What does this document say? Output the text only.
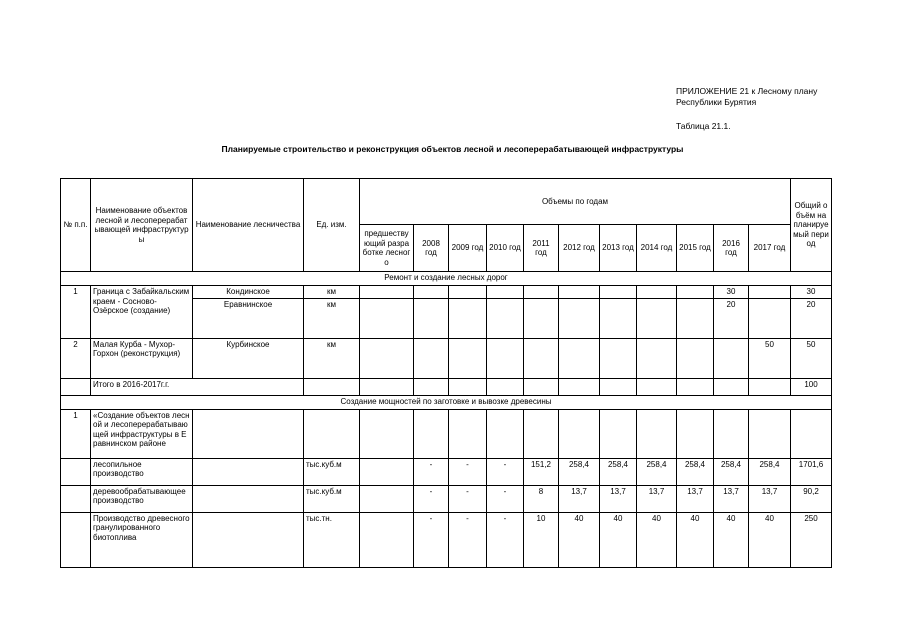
ПРИЛОЖЕНИЕ 21 к Лесному плану
Республики Бурятия
Таблица 21.1.
Планируемые строительство и реконструкция объектов лесной и лесоперерабатывающей инфраструктуры
№ п.п.	Наименование объектов лесной и лесоперерабатывающей инфраструктуры	Наименование лесничества	Ед. изм.	Объемы по годам											Общий объём на планируемый период
				предшествующий разработке лесного	2008 год	2009 год	2010 год	2011 год	2012 год	2013 год	2014 год	2015 год	2016 год	2017 год	
Ремонт и создание лесных дорог															
1	Граница с Забайкальским краем - Сосново-Озёрское (создание)	Кондинское	км										30		30
		Еравнинское	км										20		20
2	Малая Курба - Мухор-Горхон (реконструкция)	Курбинское	км											50	50
	Итого в 2016-2017г.г.														100
Создание мощностей по заготовке и вывозке древесины															
1	«Создание объектов лесной и лесоперерабатывающей инфраструктуры в Еравнинском районе														
	лесопильное производство		тыс.куб.м		-	-	-	151,2	258,4	258,4	258,4	258,4	258,4	258,4	1701,6
	деревообрабатывающее производство		тыс.куб.м		-	-	-	8	13,7	13,7	13,7	13,7	13,7	13,7	90,2
	Производство древесного гранулированного биотоплива		тыс.тн.		-	-	-	10	40	40	40	40	40	40	250
